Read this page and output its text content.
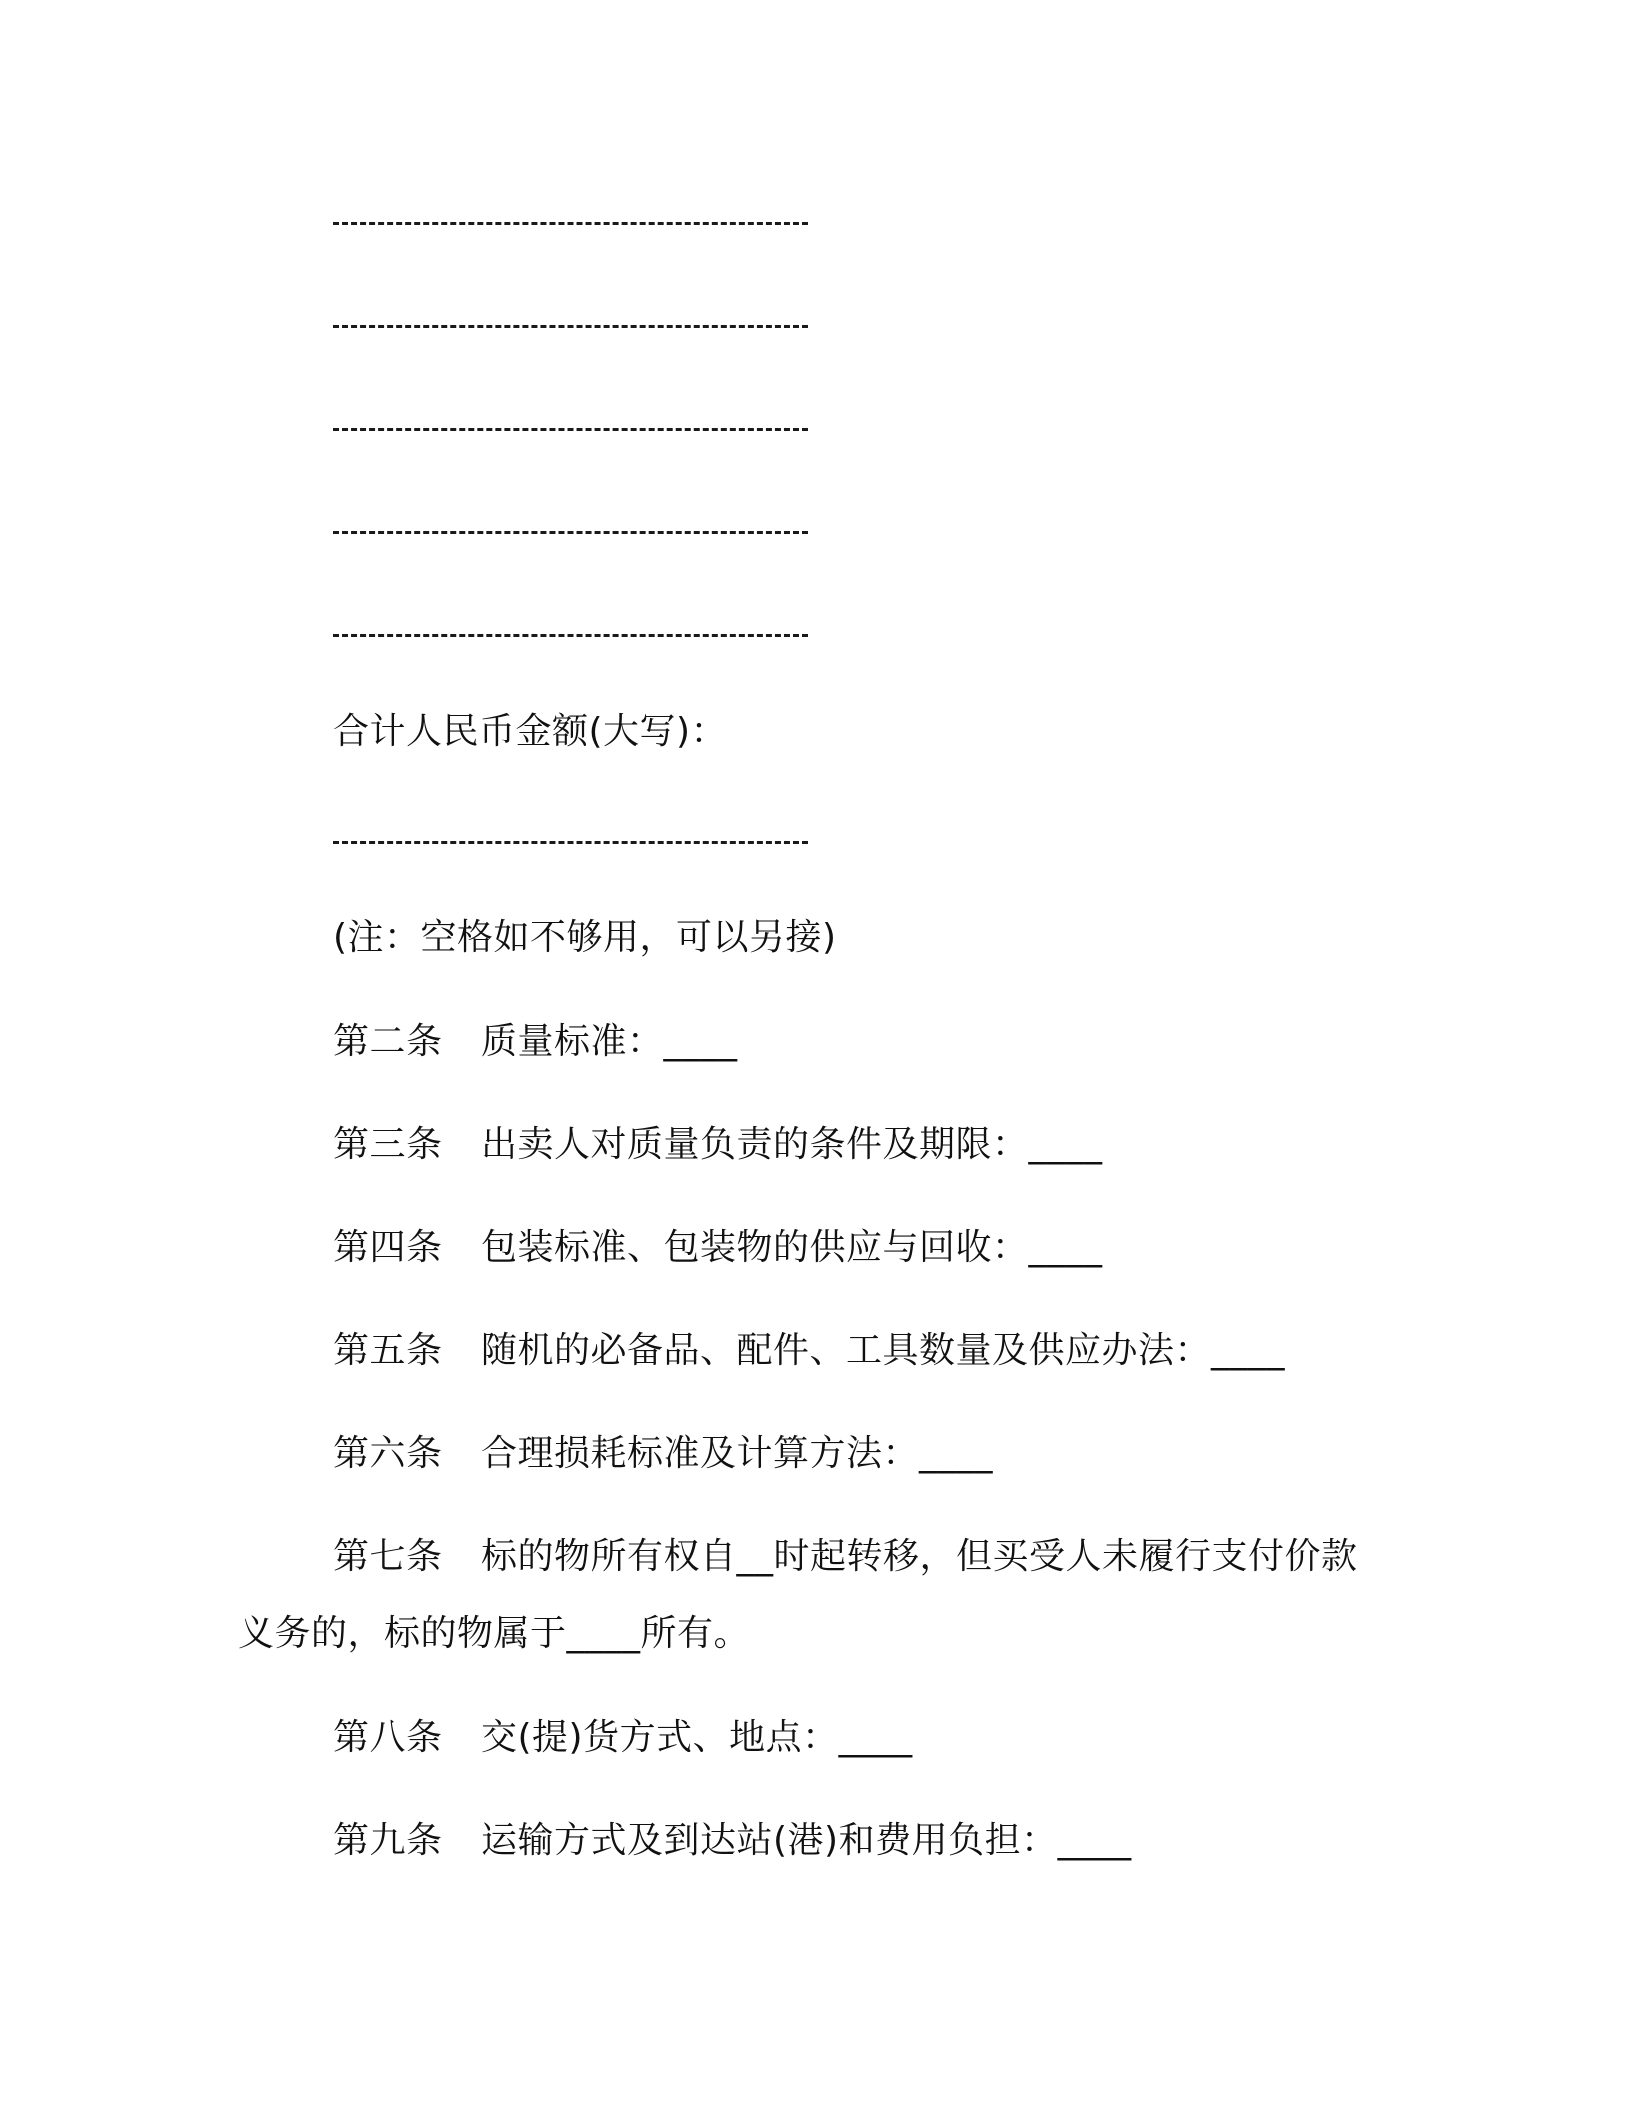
合计人民币金额(大写)：
(注：空格如不够用，可以另接)
第二条 质量标准：____
第三条 出卖人对质量负责的条件及期限：____
第四条 包装标准、包装物的供应与回收：____
第五条 随机的必备品、配件、工具数量及供应办法：____
第六条 合理损耗标准及计算方法：____
第七条 标的物所有权自__时起转移，但买受人未履行支付价款
义务的，标的物属于____所有。
第八条 交(提)货方式、地点：____
第九条 运输方式及到达站(港)和费用负担：____
